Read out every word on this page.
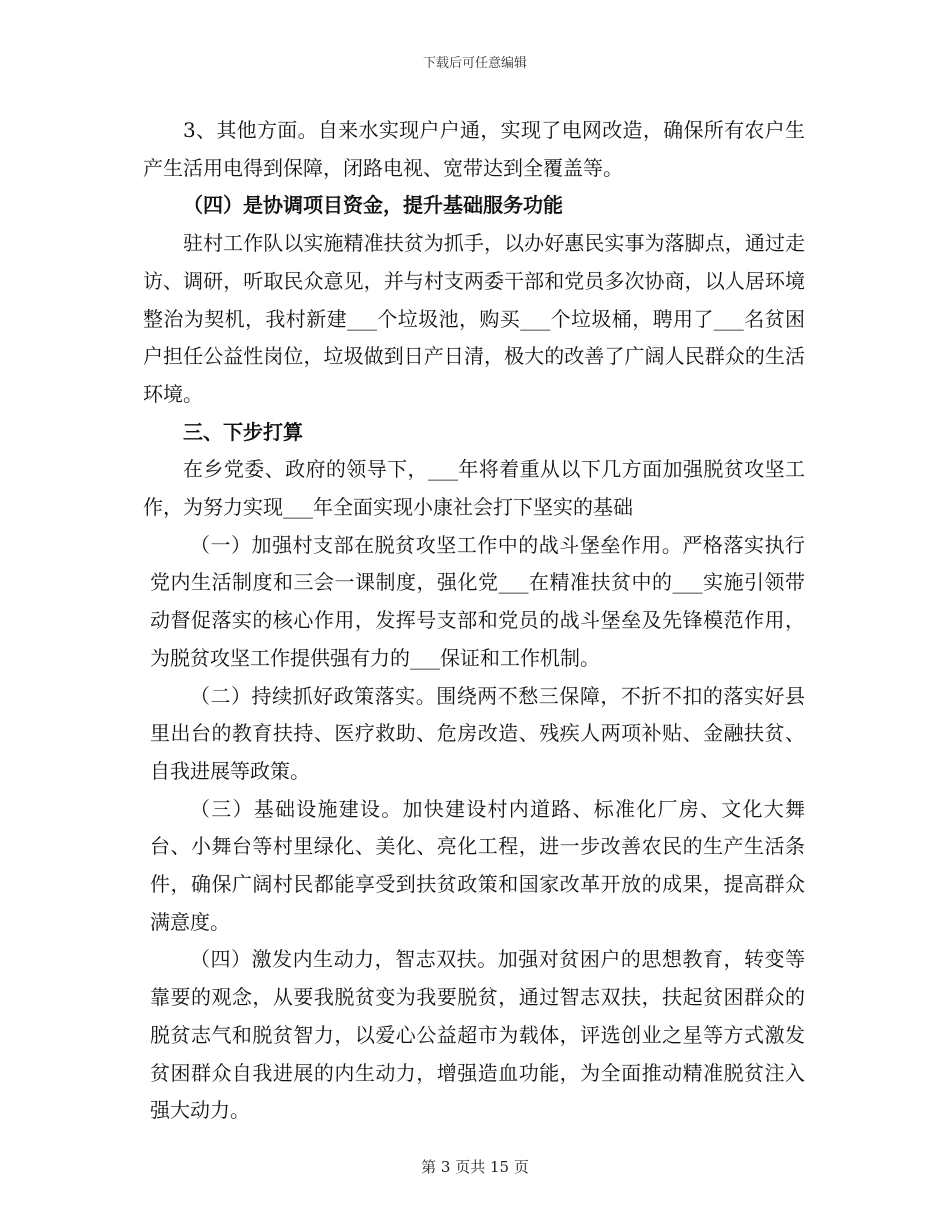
下载后可任意编辑

3、其他方面。自来水实现户户通，实现了电网改造，确保所有农户生产生活用电得到保障，闭路电视、宽带达到全覆盖等。

（四）是协调项目资金，提升基础服务功能

驻村工作队以实施精准扶贫为抓手，以办好惠民实事为落脚点，通过走访、调研，听取民众意见，并与村支两委干部和党员多次协商，以人居环境整治为契机，我村新建___个垃圾池，购买___个垃圾桶，聘用了___名贫困户担任公益性岗位，垃圾做到日产日清，极大的改善了广阔人民群众的生活环境。

三、下步打算

在乡党委、政府的领导下，___年将着重从以下几方面加强脱贫攻坚工作，为努力实现___年全面实现小康社会打下坚实的基础

（一）加强村支部在脱贫攻坚工作中的战斗堡垒作用。严格落实执行党内生活制度和三会一课制度，强化党___在精准扶贫中的___实施引领带动督促落实的核心作用，发挥号支部和党员的战斗堡垒及先锋模范作用，为脱贫攻坚工作提供强有力的___保证和工作机制。

（二）持续抓好政策落实。围绕两不愁三保障，不折不扣的落实好县里出台的教育扶持、医疗救助、危房改造、残疾人两项补贴、金融扶贫、自我进展等政策。

（三）基础设施建设。加快建设村内道路、标准化厂房、文化大舞台、小舞台等村里绿化、美化、亮化工程，进一步改善农民的生产生活条件，确保广阔村民都能享受到扶贫政策和国家改革开放的成果，提高群众满意度。

（四）激发内生动力，智志双扶。加强对贫困户的思想教育，转变等靠要的观念，从要我脱贫变为我要脱贫，通过智志双扶，扶起贫困群众的脱贫志气和脱贫智力，以爱心公益超市为载体，评选创业之星等方式激发贫困群众自我进展的内生动力，增强造血功能，为全面推动精准脱贫注入强大动力。

第 3 页共 15 页
